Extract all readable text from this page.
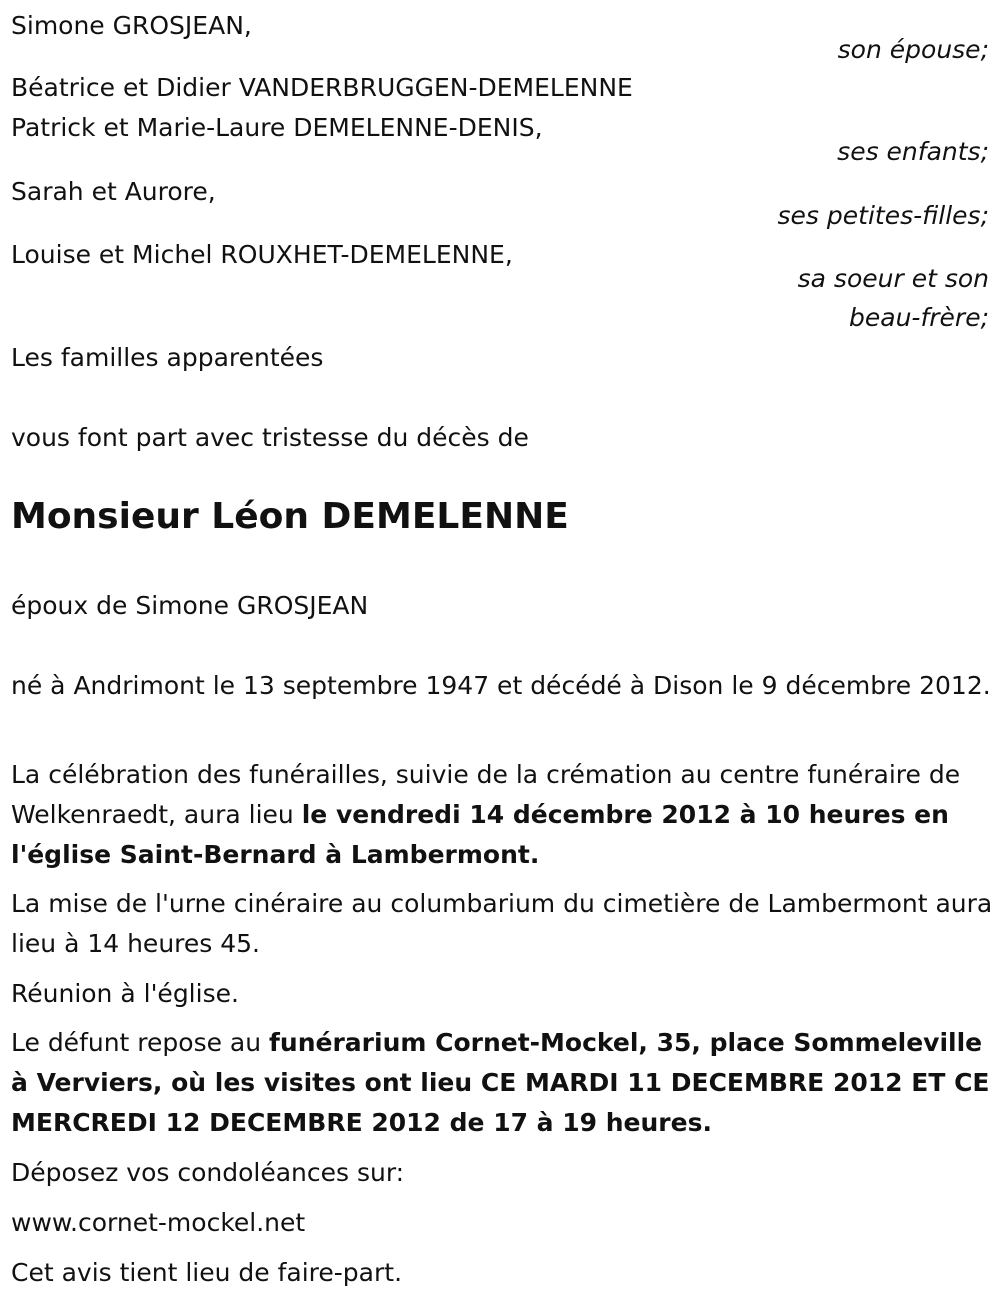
Simone GROSJEAN,
son épouse;
Béatrice et Didier VANDERBRUGGEN-DEMELENNE
Patrick et Marie-Laure DEMELENNE-DENIS,
ses enfants;
Sarah et Aurore,
ses petites-filles;
Louise et Michel ROUXHET-DEMELENNE,
sa soeur et son
beau-frère;
Les familles apparentées
vous font part avec tristesse du décès de
Monsieur Léon DEMELENNE
époux de Simone GROSJEAN
né à Andrimont le 13 septembre 1947 et décédé à Dison le 9 décembre 2012.
La célébration des funérailles, suivie de la crémation au centre funéraire de Welkenraedt, aura lieu le vendredi 14 décembre 2012 à 10 heures en l'église Saint-Bernard à Lambermont.
La mise de l'urne cinéraire au columbarium du cimetière de Lambermont aura lieu à 14 heures 45.
Réunion à l'église.
Le défunt repose au funérarium Cornet-Mockel, 35, place Sommeleville à Verviers, où les visites ont lieu CE MARDI 11 DECEMBRE 2012 ET CE MERCREDI 12 DECEMBRE 2012 de 17 à 19 heures.
Déposez vos condoléances sur:
www.cornet-mockel.net
Cet avis tient lieu de faire-part.
